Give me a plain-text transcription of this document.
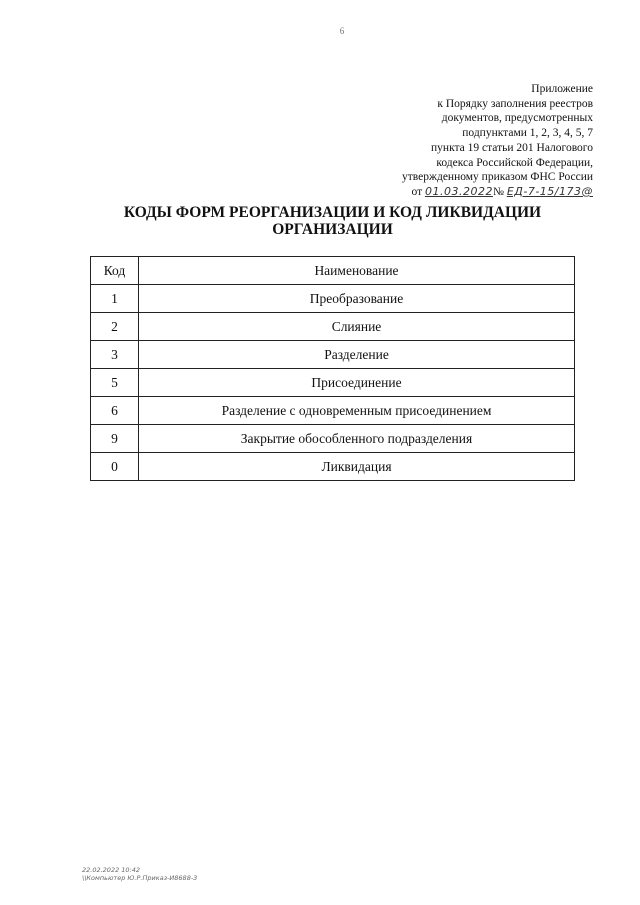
6
Приложение
к Порядку заполнения реестров
документов, предусмотренных
подпунктами 1, 2, 3, 4, 5, 7
пункта 19 статьи 201 Налогового
кодекса Российской Федерации,
утвержденному приказом ФНС России
от 01.03.2022№ ЕД-7-15/173@
КОДЫ ФОРМ РЕОРГАНИЗАЦИИ И КОД ЛИКВИДАЦИИ
ОРГАНИЗАЦИИ
Код	Наименование
1	Преобразование
2	Слияние
3	Разделение
5	Присоединение
6	Разделение с одновременным присоединением
9	Закрытие обособленного подразделения
0	Ликвидация
22.02.2022 10:42
\\Компьютер Ю.Р.Приказ-И8688-3
